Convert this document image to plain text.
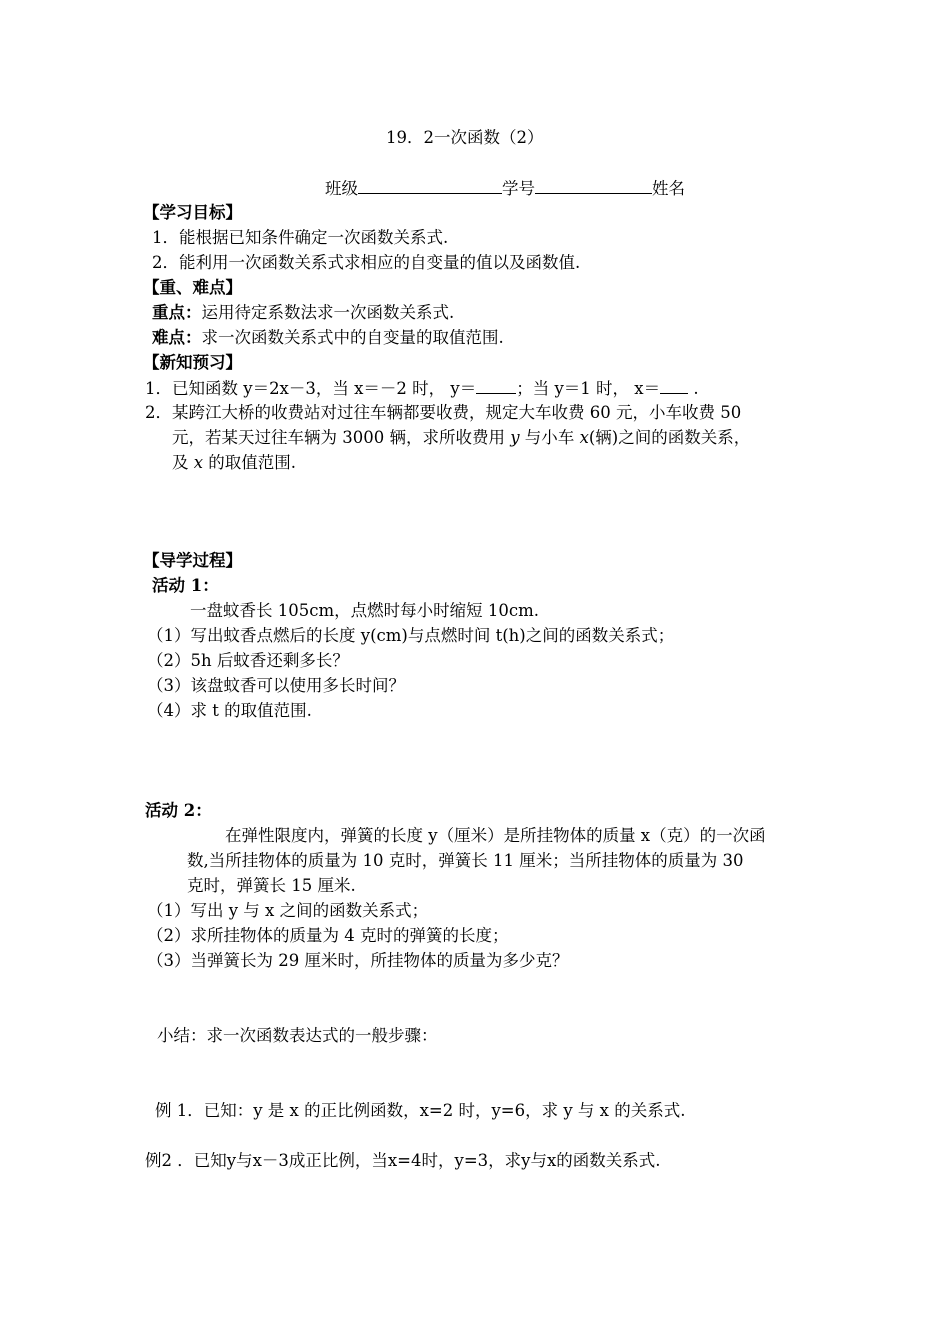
19．2一次函数（2）
班级	学号	姓名
【学习目标】
1．能根据已知条件确定一次函数关系式.
2．能利用一次函数关系式求相应的自变量的值以及函数值.
【重、难点】
重点：运用待定系数法求一次函数关系式.
难点：求一次函数关系式中的自变量的取值范围.
【新知预习】
1．已知函数 y＝2x－3，当 x＝－2 时， y＝ ；当 y＝1 时， x＝ .
2．某跨江大桥的收费站对过往车辆都要收费，规定大车收费 60 元，小车收费 50
元，若某天过往车辆为 3000 辆，求所收费用 y 与小车 x(辆)之间的函数关系，
及 x 的取值范围.
【导学过程】
活动 1：
一盘蚊香长 105cm，点燃时每小时缩短 10cm.
（1）写出蚊香点燃后的长度 y(cm)与点燃时间 t(h)之间的函数关系式；
（2）5h 后蚊香还剩多长？
（3）该盘蚊香可以使用多长时间？
（4）求 t 的取值范围.
活动 2：
在弹性限度内，弹簧的长度 y（厘米）是所挂物体的质量 x（克）的一次函
数,当所挂物体的质量为 10 克时，弹簧长 11 厘米；当所挂物体的质量为 30
克时，弹簧长 15 厘米.
（1）写出 y 与 x 之间的函数关系式；
（2）求所挂物体的质量为 4 克时的弹簧的长度；
（3）当弹簧长为 29 厘米时，所挂物体的质量为多少克？
小结：求一次函数表达式的一般步骤：
例 1．已知：y 是 x 的正比例函数，x=2 时，y=6，求 y 与 x 的关系式.
例2 ．已知y与x－3成正比例，当x=4时，y=3，求y与x的函数关系式.
